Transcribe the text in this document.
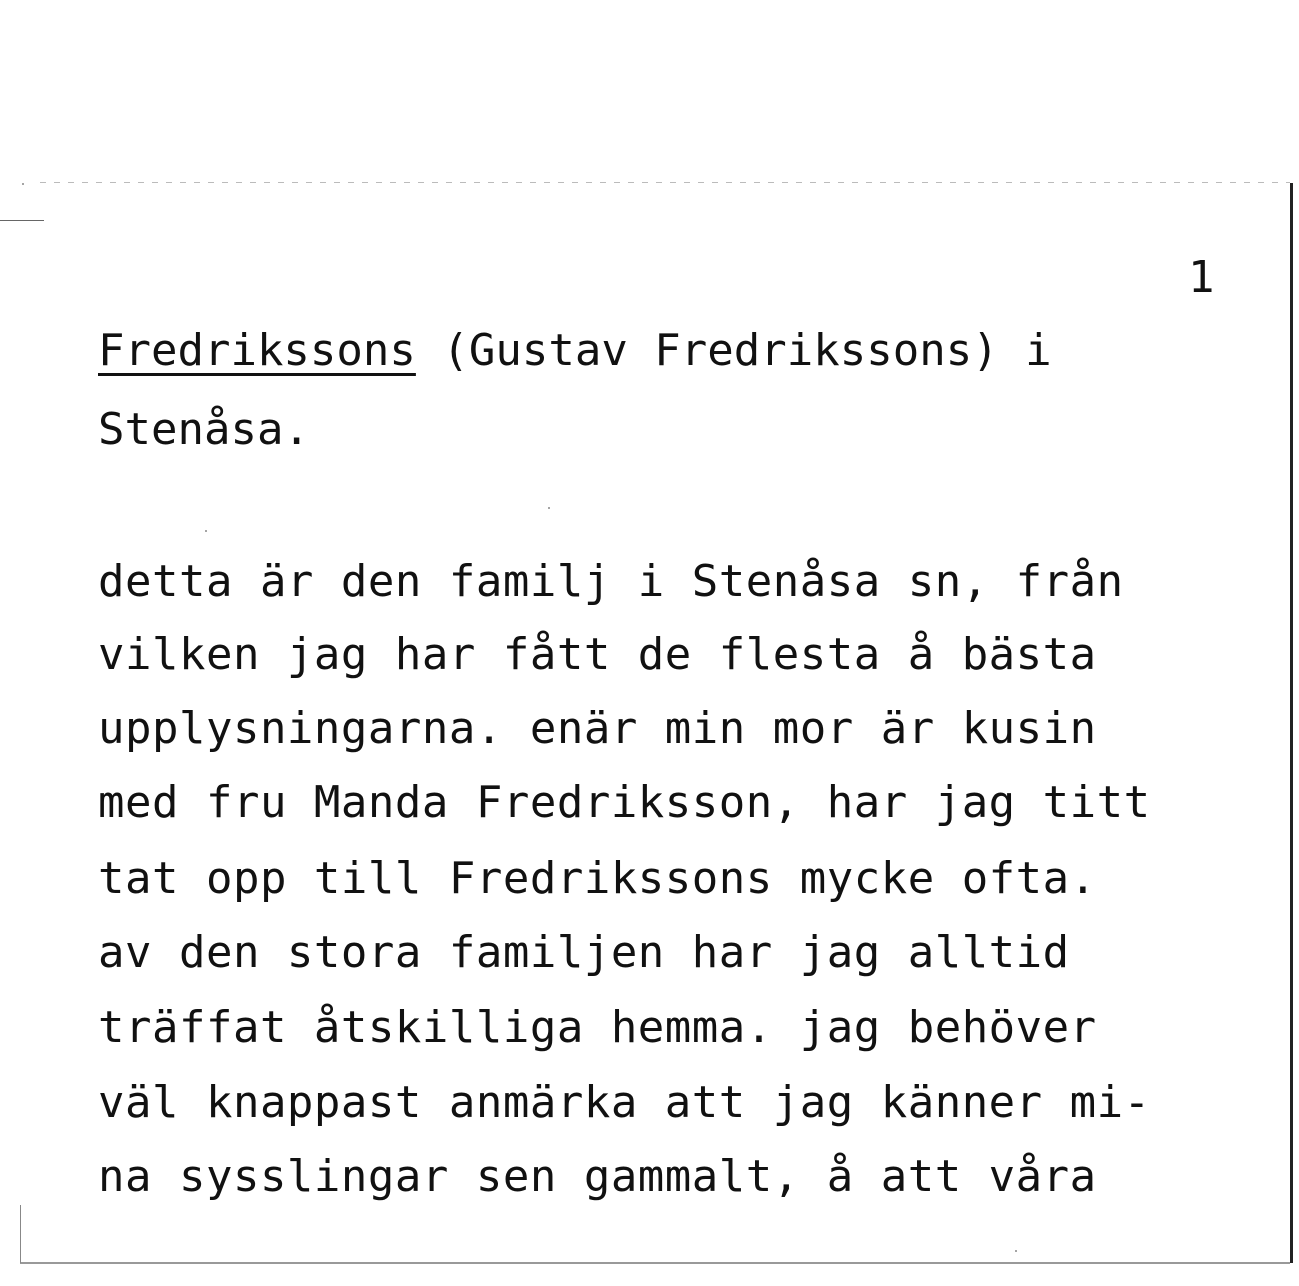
1
Fredrikssons (Gustav Fredrikssons) i
Stenåsa.
detta är den familj i Stenåsa sn, från
vilken jag har fått de flesta å bästa
upplysningarna. enär min mor är kusin
med fru Manda Fredriksson, har jag titt
tat opp till Fredrikssons mycke ofta.
av den stora familjen har jag alltid
träffat åtskilliga hemma. jag behöver
väl knappast anmärka att jag känner mi-
na sysslingar sen gammalt, å att våra
